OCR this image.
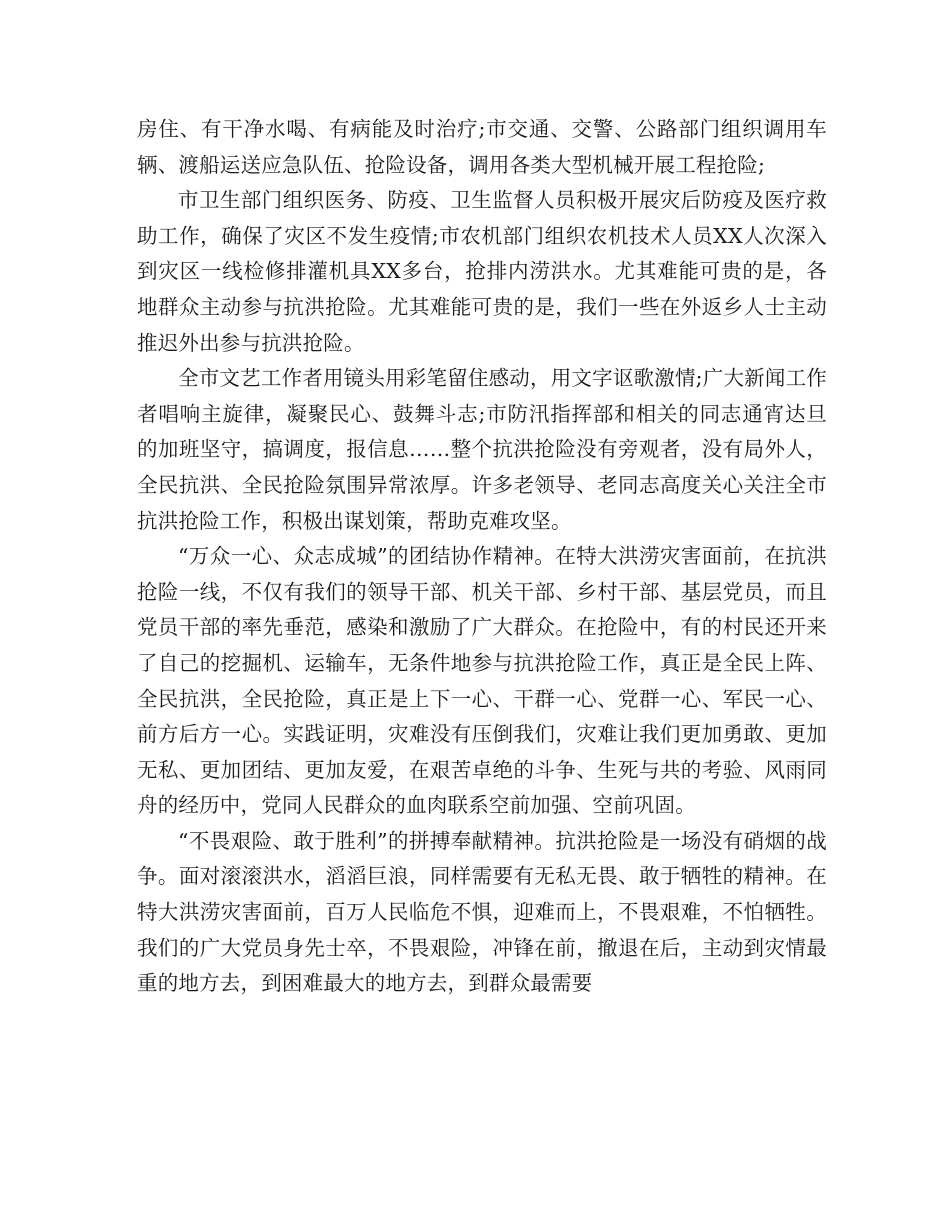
房住、有干净水喝、有病能及时治疗;市交通、交警、公路部门组织调用车辆、渡船运送应急队伍、抢险设备，调用各类大型机械开展工程抢险;

市卫生部门组织医务、防疫、卫生监督人员积极开展灾后防疫及医疗救助工作，确保了灾区不发生疫情;市农机部门组织农机技术人员XX人次深入到灾区一线检修排灌机具XX多台，抢排内涝洪水。尤其难能可贵的是，各地群众主动参与抗洪抢险。尤其难能可贵的是，我们一些在外返乡人士主动推迟外出参与抗洪抢险。

全市文艺工作者用镜头用彩笔留住感动，用文字讴歌激情;广大新闻工作者唱响主旋律，凝聚民心、鼓舞斗志;市防汛指挥部和相关的同志通宵达旦的加班坚守，搞调度，报信息……整个抗洪抢险没有旁观者，没有局外人，全民抗洪、全民抢险氛围异常浓厚。许多老领导、老同志高度关心关注全市抗洪抢险工作，积极出谋划策，帮助克难攻坚。

“万众一心、众志成城”的团结协作精神。在特大洪涝灾害面前，在抗洪抢险一线，不仅有我们的领导干部、机关干部、乡村干部、基层党员，而且党员干部的率先垂范，感染和激励了广大群众。在抢险中，有的村民还开来了自己的挖掘机、运输车，无条件地参与抗洪抢险工作，真正是全民上阵、全民抗洪，全民抢险，真正是上下一心、干群一心、党群一心、军民一心、前方后方一心。实践证明，灾难没有压倒我们，灾难让我们更加勇敢、更加无私、更加团结、更加友爱，在艰苦卓绝的斗争、生死与共的考验、风雨同舟的经历中，党同人民群众的血肉联系空前加强、空前巩固。

“不畏艰险、敢于胜利”的拼搏奉献精神。抗洪抢险是一场没有硝烟的战争。面对滚滚洪水，滔滔巨浪，同样需要有无私无畏、敢于牺牲的精神。在特大洪涝灾害面前，百万人民临危不惧，迎难而上，不畏艰难，不怕牺牲。我们的广大党员身先士卒，不畏艰险，冲锋在前，撤退在后，主动到灾情最重的地方去，到困难最大的地方去，到群众最需要
